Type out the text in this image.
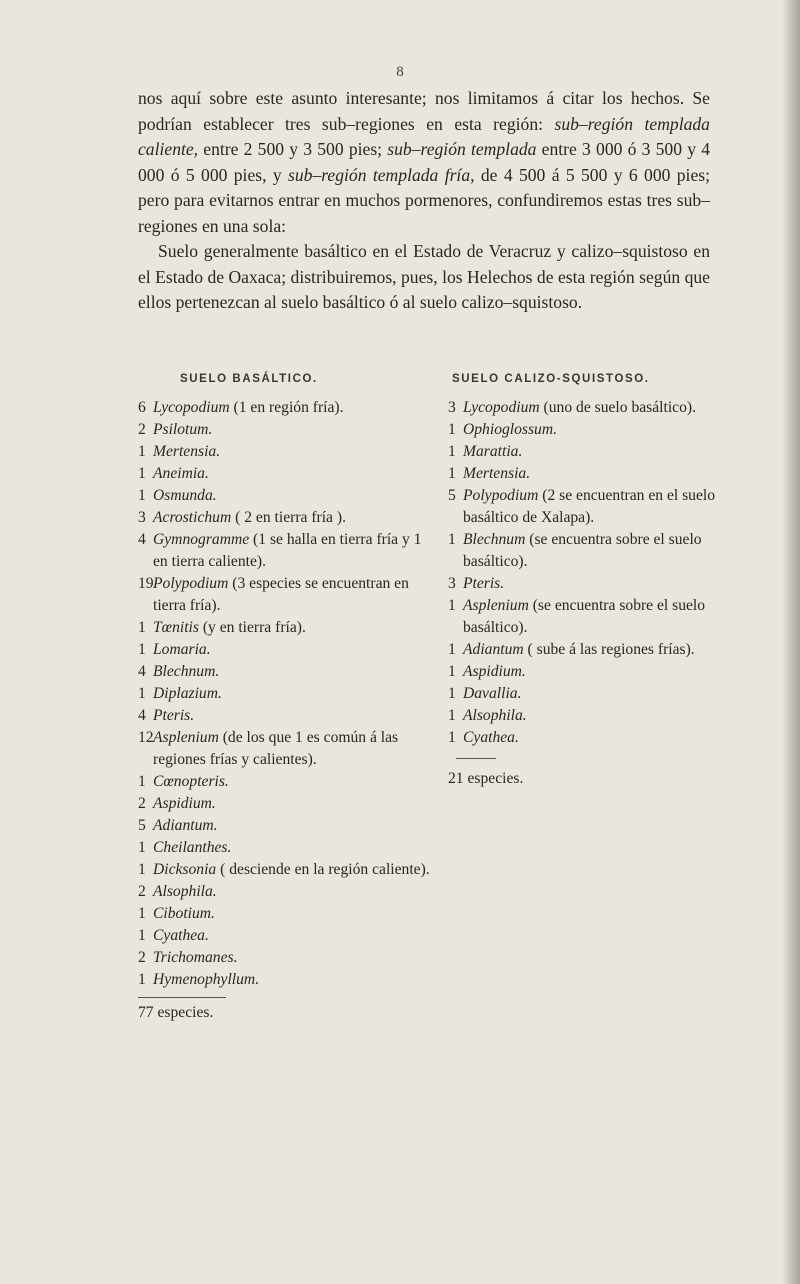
8

nos aquí sobre este asunto interesante; nos limitamos á citar los hechos. Se podrían establecer tres sub–regiones en esta región: sub–región templada caliente, entre 2 500 y 3 500 pies; sub–región templada entre 3 000 ó 3 500 y 4 000 ó 5 000 pies, y sub–región templada fría, de 4 500 á 5 500 y 6 000 pies; pero para evitarnos entrar en muchos pormenores, confundiremos estas tres sub–regiones en una sola:

Suelo generalmente basáltico en el Estado de Veracruz y calizo–squistoso en el Estado de Oaxaca; distribuiremos, pues, los Helechos de esta región según que ellos pertenezcan al suelo basáltico ó al suelo calizo–squistoso.

SUELO BASÁLTICO.	SUELO CALIZO-SQUISTOSO.
6 Lycopodium (1 en región fría).
2 Psilotum.
1 Mertensia.
1 Aneimia.
1 Osmunda.
3 Acrostichum ( 2 en tierra fría ).
4 Gymnogramme (1 se halla en tierra fría y 1 en tierra caliente).
19 Polypodium (3 especies se encuentran en tierra fría).
1 Tœnitis (y en tierra fría).
1 Lomaria.
4 Blechnum.
1 Diplazium.
4 Pteris.
12 Asplenium (de los que 1 es común á las regiones frías y calientes).
1 Cœnopteris.
2 Aspidium.
5 Adiantum.
1 Cheilanthes.
1 Dicksonia ( desciende en la región caliente).
2 Alsophila.
1 Cibotium.
1 Cyathea.
2 Trichomanes.
1 Hymenophyllum.
77 especies.
3 Lycopodium (uno de suelo basáltico).
1 Ophioglossum.
1 Marattia.
1 Mertensia.
5 Polypodium (2 se encuentran en el suelo basáltico de Xalapa).
1 Blechnum (se encuentra sobre el suelo basáltico).
3 Pteris.
1 Asplenium (se encuentra sobre el suelo basáltico).
1 Adiantum ( sube á las regiones frías).
1 Aspidium.
1 Davallia.
1 Alsophila.
1 Cyathea.
21 especies.
